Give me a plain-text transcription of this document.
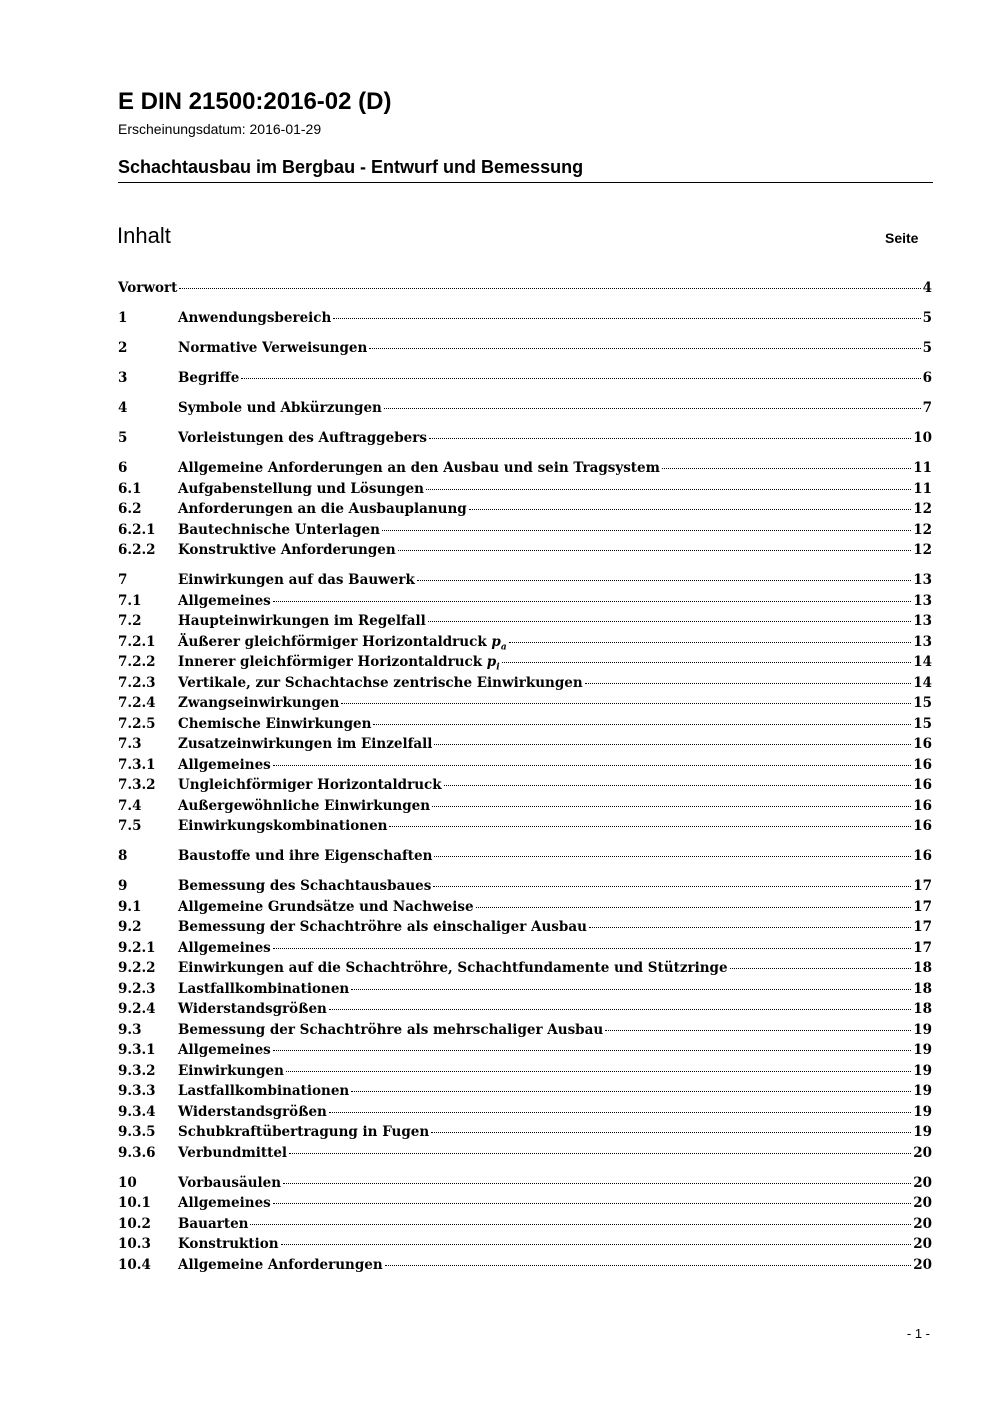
E DIN 21500:2016-02 (D)
Erscheinungsdatum: 2016-01-29
Schachtausbau im Bergbau - Entwurf und Bemessung
Inhalt	Seite
Vorwort	4
1	Anwendungsbereich	5
2	Normative Verweisungen	5
3	Begriffe	6
4	Symbole und Abkürzungen	7
5	Vorleistungen des Auftraggebers	10
6	Allgemeine Anforderungen an den Ausbau und sein Tragsystem	11
6.1	Aufgabenstellung und Lösungen	11
6.2	Anforderungen an die Ausbauplanung	12
6.2.1	Bautechnische Unterlagen	12
6.2.2	Konstruktive Anforderungen	12
7	Einwirkungen auf das Bauwerk	13
7.1	Allgemeines	13
7.2	Haupteinwirkungen im Regelfall	13
7.2.1	Äußerer gleichförmiger Horizontaldruck $p_a$	13
7.2.2	Innerer gleichförmiger Horizontaldruck $p_i$	14
7.2.3	Vertikale, zur Schachtachse zentrische Einwirkungen	14
7.2.4	Zwangseinwirkungen	15
7.2.5	Chemische Einwirkungen	15
7.3	Zusatzeinwirkungen im Einzelfall	16
7.3.1	Allgemeines	16
7.3.2	Ungleichförmiger Horizontaldruck	16
7.4	Außergewöhnliche Einwirkungen	16
7.5	Einwirkungskombinationen	16
8	Baustoffe und ihre Eigenschaften	16
9	Bemessung des Schachtausbaues	17
9.1	Allgemeine Grundsätze und Nachweise	17
9.2	Bemessung der Schachtröhre als einschaliger Ausbau	17
9.2.1	Allgemeines	17
9.2.2	Einwirkungen auf die Schachtröhre, Schachtfundamente und Stützringe	18
9.2.3	Lastfallkombinationen	18
9.2.4	Widerstandsgrößen	18
9.3	Bemessung der Schachtröhre als mehrschaliger Ausbau	19
9.3.1	Allgemeines	19
9.3.2	Einwirkungen	19
9.3.3	Lastfallkombinationen	19
9.3.4	Widerstandsgrößen	19
9.3.5	Schubkraftübertragung in Fugen	19
9.3.6	Verbundmittel	20
10	Vorbausäulen	20
10.1	Allgemeines	20
10.2	Bauarten	20
10.3	Konstruktion	20
10.4	Allgemeine Anforderungen	20
- 1 -
